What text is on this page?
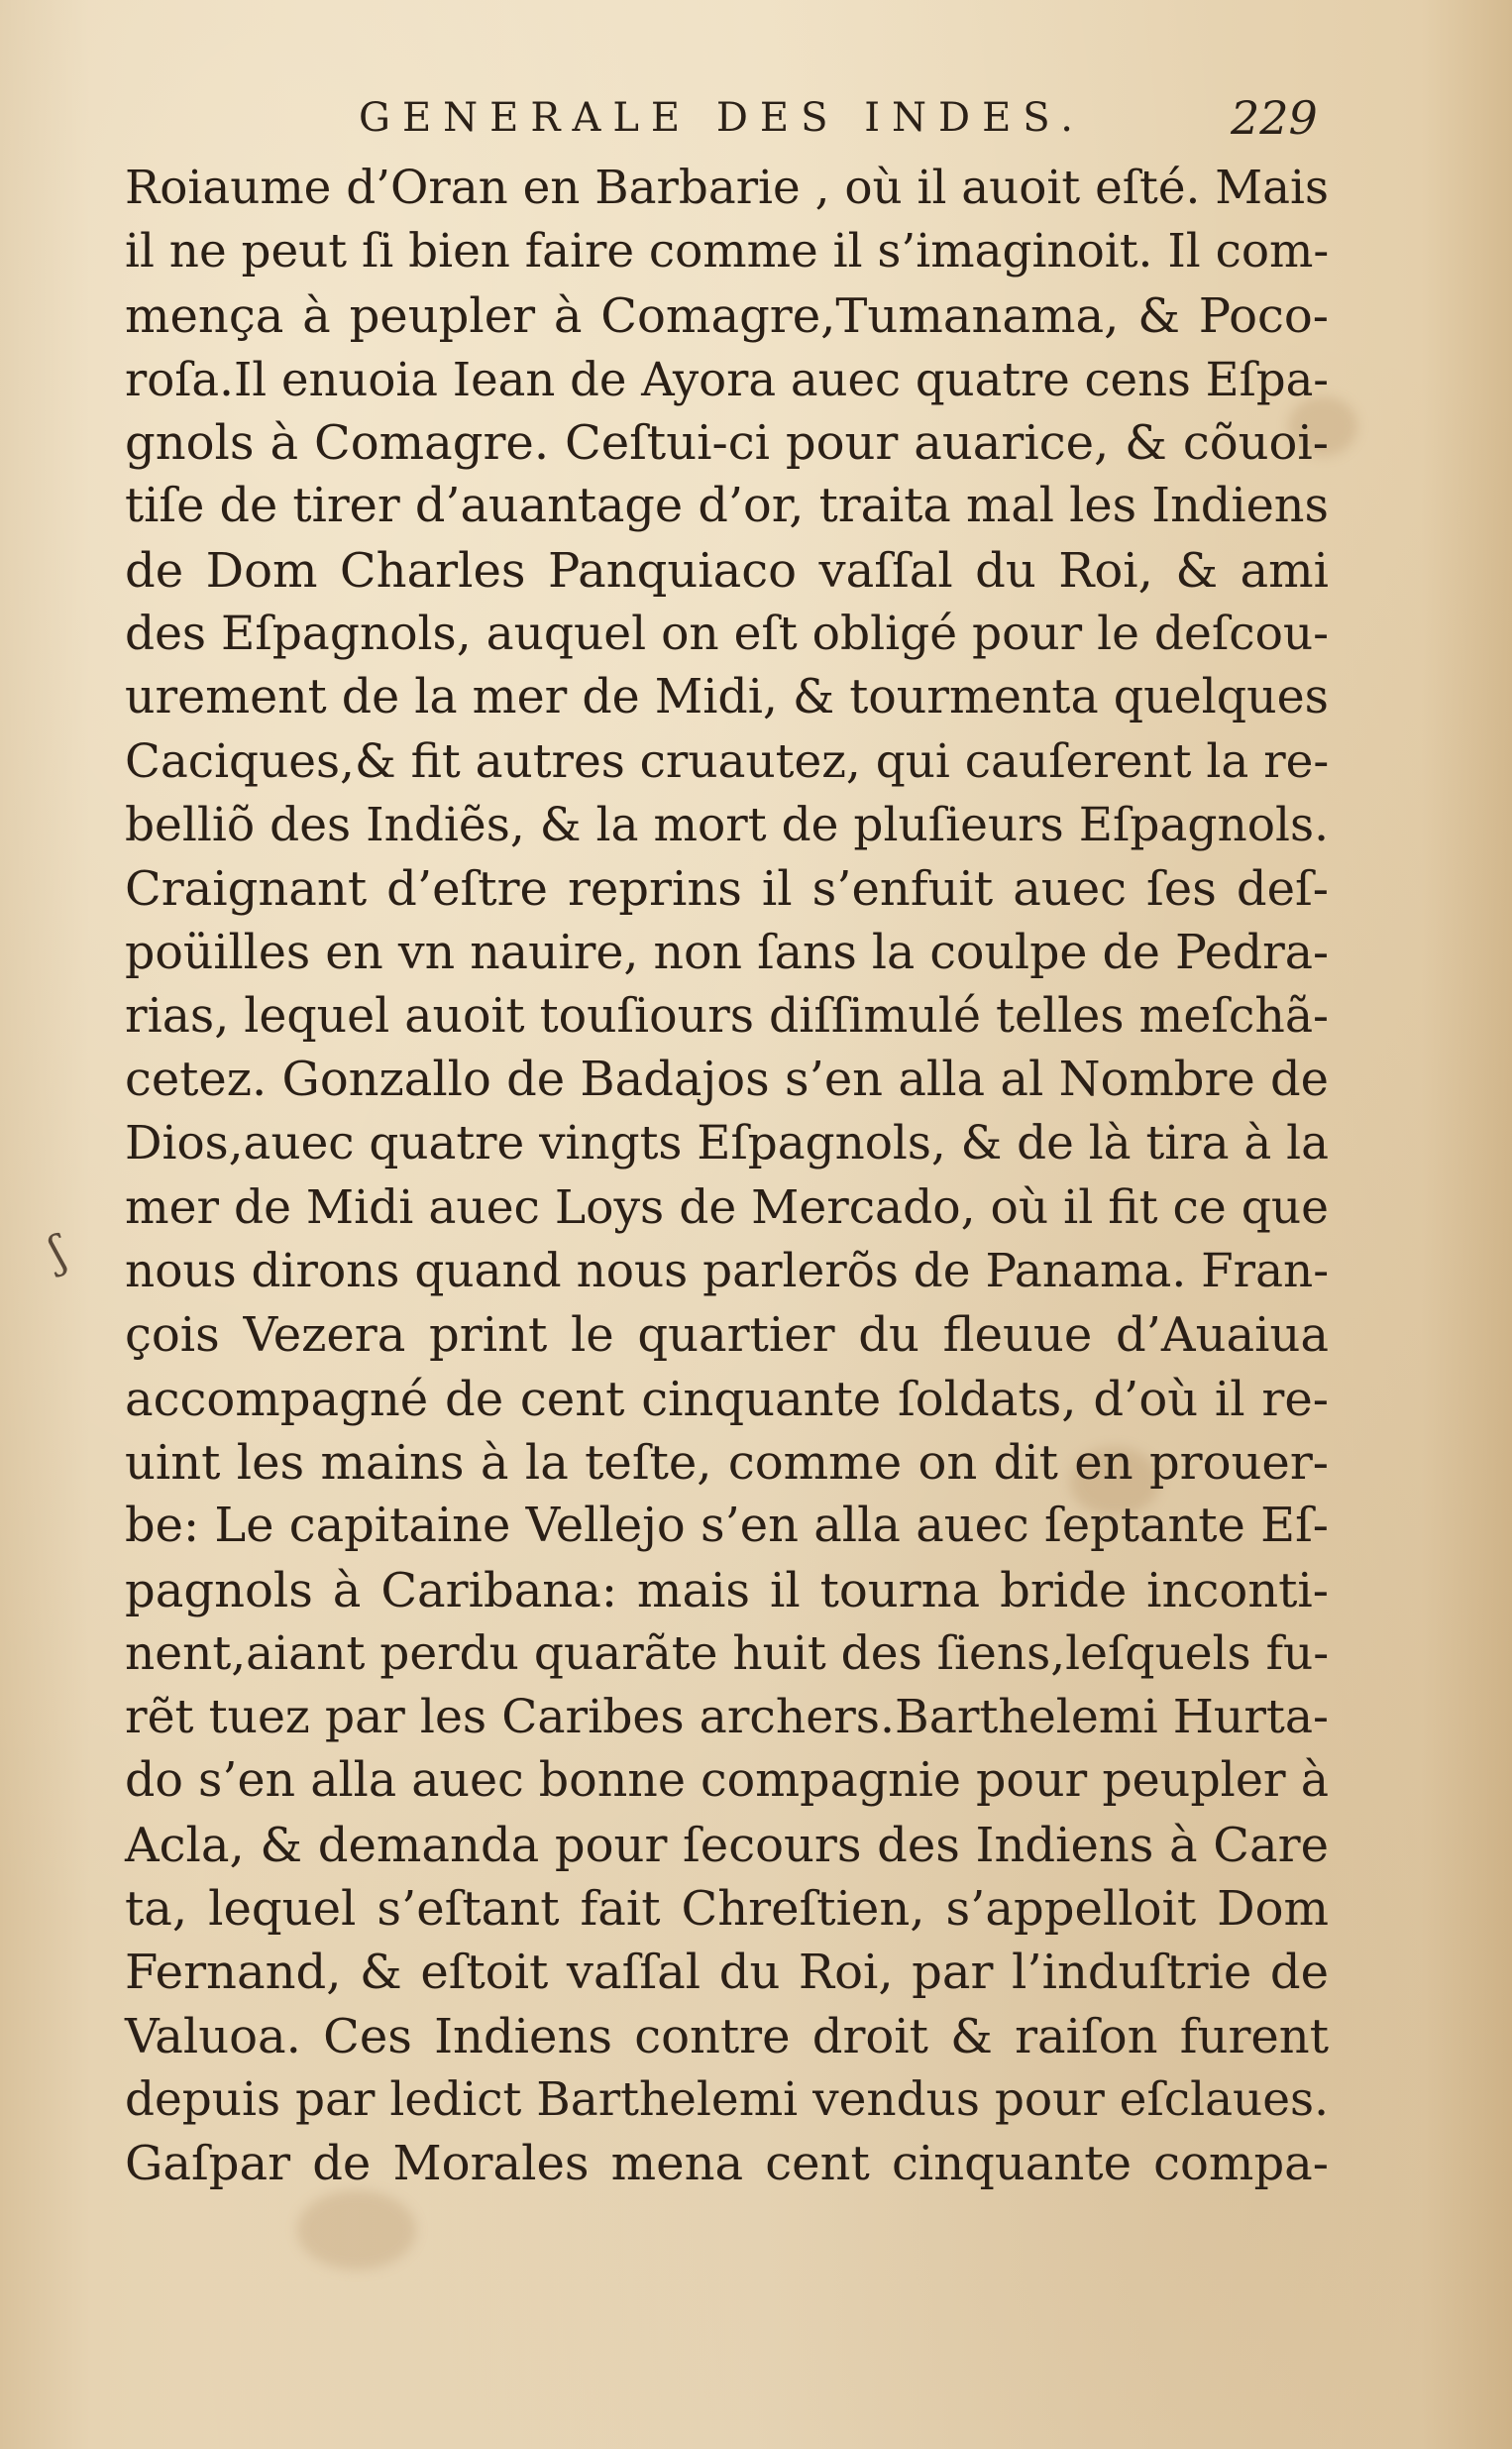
GENERALE DES INDES.	229
ʃ
Roiaume d’Oran en Barbarie , où il auoit eſté. Mais
il ne peut ſi bien faire comme il s’imaginoit. Il com-
mença à peupler à Comagre,Tumanama, & Poco-
roſa.Il enuoia Iean de Ayora auec quatre cens Eſpa-
gnols à Comagre. Ceſtui-ci pour auarice, & cõuoi-
tiſe de tirer d’auantage d’or, traita mal les Indiens
de Dom Charles Panquiaco vaſſal du Roi, & ami
des Eſpagnols, auquel on eſt obligé pour le deſcou-
urement de la mer de Midi, & tourmenta quelques
Caciques,& fit autres cruautez, qui cauſerent la re-
belliõ des Indiẽs, & la mort de pluſieurs Eſpagnols.
Craignant d’eſtre reprins il s’enfuit auec ſes deſ-
poüilles en vn nauire, non ſans la coulpe de Pedra-
rias, lequel auoit touſiours diſſimulé telles meſchã-
cetez. Gonzallo de Badajos s’en alla al Nombre de
Dios,auec quatre vingts Eſpagnols, & de là tira à la
mer de Midi auec Loys de Mercado, où il fit ce que
nous dirons quand nous parlerõs de Panama. Fran-
çois Vezera print le quartier du fleuue d’Auaiua
accompagné de cent cinquante ſoldats, d’où il re-
uint les mains à la teſte, comme on dit en prouer-
be: Le capitaine Vellejo s’en alla auec ſeptante Eſ-
pagnols à Caribana: mais il tourna bride inconti-
nent,aiant perdu quarãte huit des ſiens,leſquels fu-
rẽt tuez par les Caribes archers.Barthelemi Hurta-
do s’en alla auec bonne compagnie pour peupler à
Acla, & demanda pour ſecours des Indiens à Care
ta, lequel s’eſtant fait Chreſtien, s’appelloit Dom
Fernand, & eſtoit vaſſal du Roi, par l’induſtrie de
Valuoa. Ces Indiens contre droit & raiſon furent
depuis par ledict Barthelemi vendus pour eſclaues.
Gaſpar de Morales mena cent cinquante compa-
